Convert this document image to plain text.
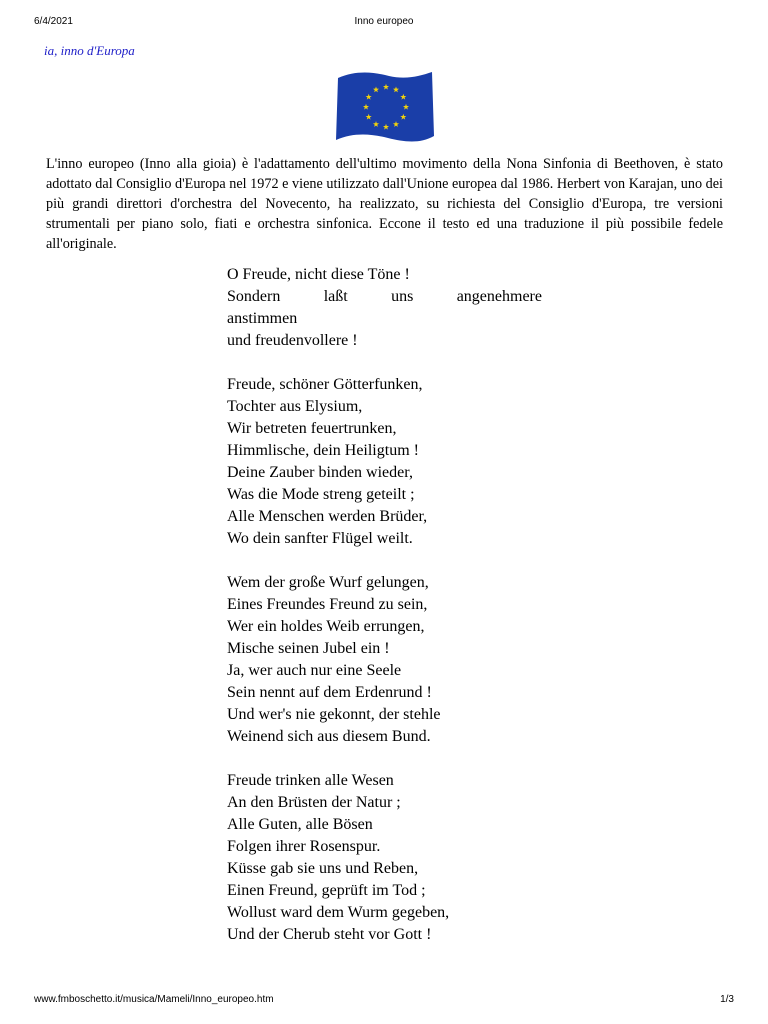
6/4/2021	Inno europeo
ia, inno d'Europa

L'inno europeo (Inno alla gioia) è l'adattamento dell'ultimo movimento della Nona Sinfonia di Beethoven, è stato adottato dal Consiglio d'Europa nel 1972 e viene utilizzato dall'Unione europea dal 1986. Herbert von Karajan, uno dei più grandi direttori d'orchestra del Novecento, ha realizzato, su richiesta del Consiglio d'Europa, tre versioni strumentali per piano solo, fiati e orchestra sinfonica. Eccone il testo ed una traduzione il più possibile fedele all'originale.

O Freude, nicht diese Töne !
Sondern	laßt	uns	angenehmere
anstimmen
und freudenvollere !
Freude, schöner Götterfunken,
Tochter aus Elysium,
Wir betreten feuertrunken,
Himmlische, dein Heiligtum !
Deine Zauber binden wieder,
Was die Mode streng geteilt ;
Alle Menschen werden Brüder,
Wo dein sanfter Flügel weilt.
Wem der große Wurf gelungen,
Eines Freundes Freund zu sein,
Wer ein holdes Weib errungen,
Mische seinen Jubel ein !
Ja, wer auch nur eine Seele
Sein nennt auf dem Erdenrund !
Und wer's nie gekonnt, der stehle
Weinend sich aus diesem Bund.
Freude trinken alle Wesen
An den Brüsten der Natur ;
Alle Guten, alle Bösen
Folgen ihrer Rosenspur.
Küsse gab sie uns und Reben,
Einen Freund, geprüft im Tod ;
Wollust ward dem Wurm gegeben,
Und der Cherub steht vor Gott !
www.fmboschetto.it/musica/Mameli/Inno_europeo.htm	1/3
